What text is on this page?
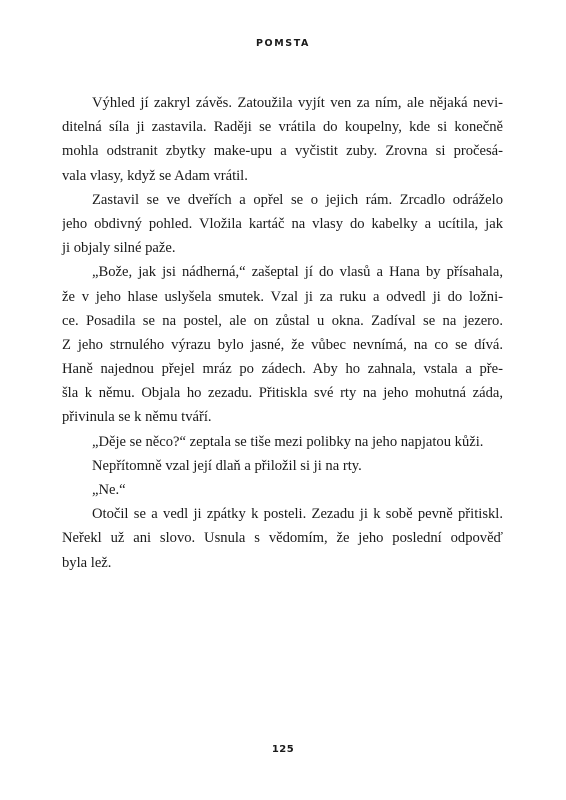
POMSTA
Výhled jí zakryl závěs. Zatoužila vyjít ven za ním, ale nějaká nevi-
ditelná síla ji zastavila. Raději se vrátila do koupelny, kde si konečně
mohla odstranit zbytky make-upu a vyčistit zuby. Zrovna si pročesá-
vala vlasy, když se Adam vrátil.
Zastavil se ve dveřích a opřel se o jejich rám. Zrcadlo odráželo
jeho obdivný pohled. Vložila kartáč na vlasy do kabelky a ucítila, jak
ji objaly silné paže.
„Bože, jak jsi nádherná,“ zašeptal jí do vlasů a Hana by přísahala,
že v jeho hlase uslyšela smutek. Vzal ji za ruku a odvedl ji do ložni-
ce. Posadila se na postel, ale on zůstal u okna. Zadíval se na jezero.
Z jeho strnulého výrazu bylo jasné, že vůbec nevnímá, na co se dívá.
Haně najednou přejel mráz po zádech. Aby ho zahnala, vstala a pře-
šla k němu. Objala ho zezadu. Přitiskla své rty na jeho mohutná záda,
přivinula se k němu tváří.
„Děje se něco?“ zeptala se tiše mezi polibky na jeho napjatou kůži.
Nepřítomně vzal její dlaň a přiložil si ji na rty.
„Ne.“
Otočil se a vedl ji zpátky k posteli. Zezadu ji k sobě pevně přitiskl.
Neřekl už ani slovo. Usnula s vědomím, že jeho poslední odpověď
byla lež.
125
